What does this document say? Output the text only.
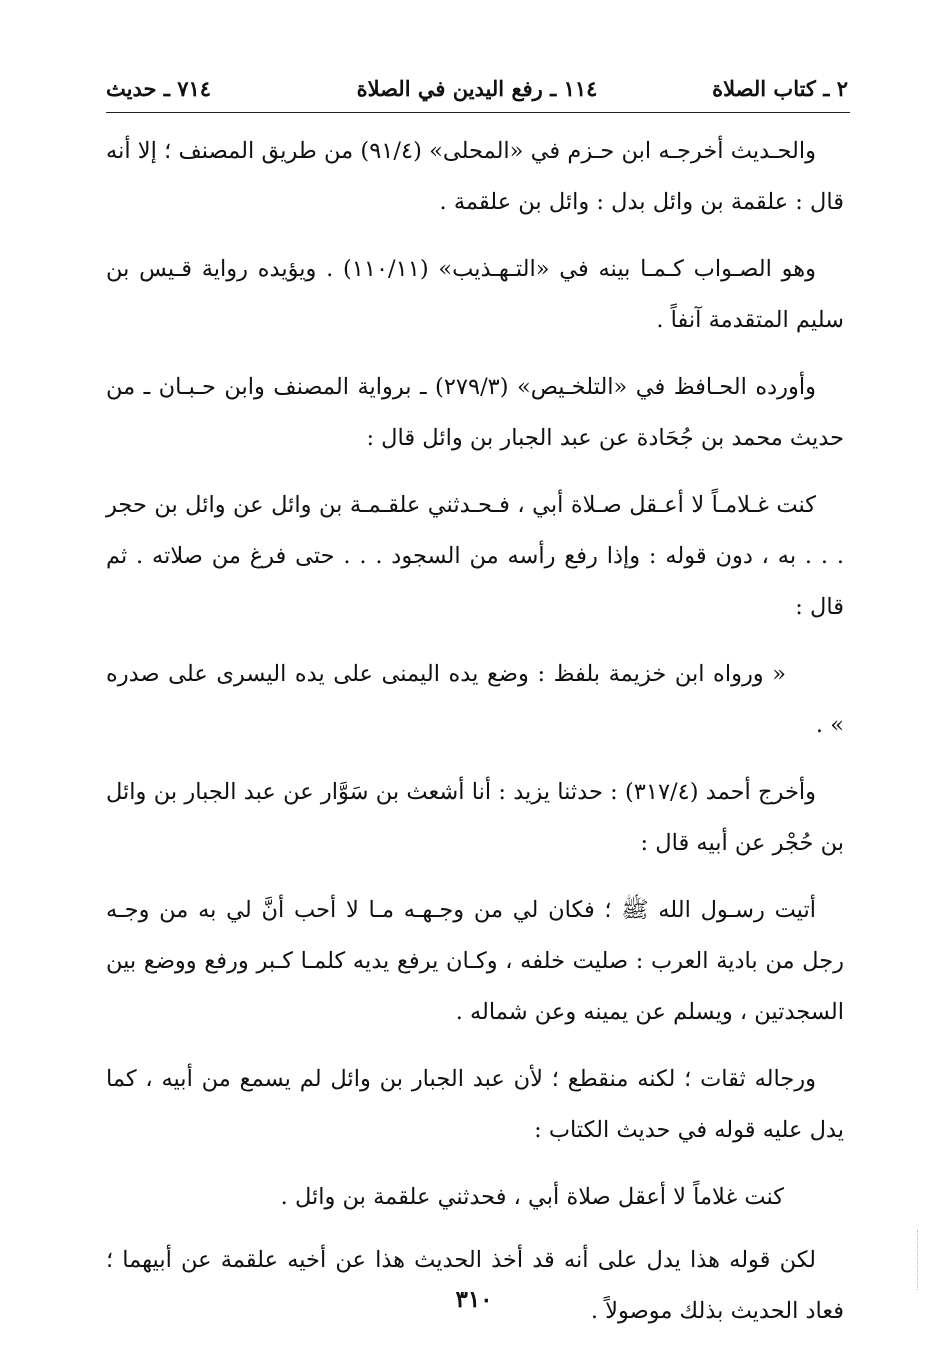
٢ ـ كتاب الصلاة
١١٤ ـ رفع اليدين في الصلاة
٧١٤ ـ حديث

والحـديث أخرجـه ابن حـزم في «المحلى» (٩١/٤) من طريق المصنف ؛ إلا أنه قال : علقمة بن وائل بدل : وائل بن علقمة .

وهو الصـواب كـمـا بينه في «التـهـذيب» (١١٠/١١) . ويؤيده رواية قـيس بن سليم المتقدمة آنفاً .

وأورده الحـافظ في «التلخـيص» (٢٧٩/٣) ـ برواية المصنف وابن حـبـان ـ من حديث محمد بن جُحَادة عن عبد الجبار بن وائل قال :

كنت غـلامـاً لا أعـقل صـلاة أبي ، فـحـدثني علقـمـة بن وائل عن وائل بن حجر . . . به ، دون قوله : وإذا رفع رأسه من السجود . . . حتى فرغ من صلاته . ثم قال :

« ورواه ابن خزيمة بلفظ : وضع يده اليمنى على يده اليسرى على صدره » .

وأخرج أحمد (٣١٧/٤) : حدثنا يزيد : أنا أشعث بن سَوَّار عن عبد الجبار بن وائل بن حُجْر عن أبيه قال :

أتيت رسـول الله ﷺ ؛ فكان لي من وجـهـه مـا لا أحب أنَّ لي به من وجـه رجل من بادية العرب : صليت خلفه ، وكـان يرفع يديه كلمـا كـبر ورفع ووضع بين السجدتين ، ويسلم عن يمينه وعن شماله .

ورجاله ثقات ؛ لكنه منقطع ؛ لأن عبد الجبار بن وائل لم يسمع من أبيه ، كما يدل عليه قوله في حديث الكتاب :

كنت غلاماً لا أعقل صلاة أبي ، فحدثني علقمة بن وائل .

لكن قوله هذا يدل على أنه قد أخذ الحديث هذا عن أخيه علقمة عن أبيهما ؛ فعاد الحديث بذلك موصولاً .

٣١٠
